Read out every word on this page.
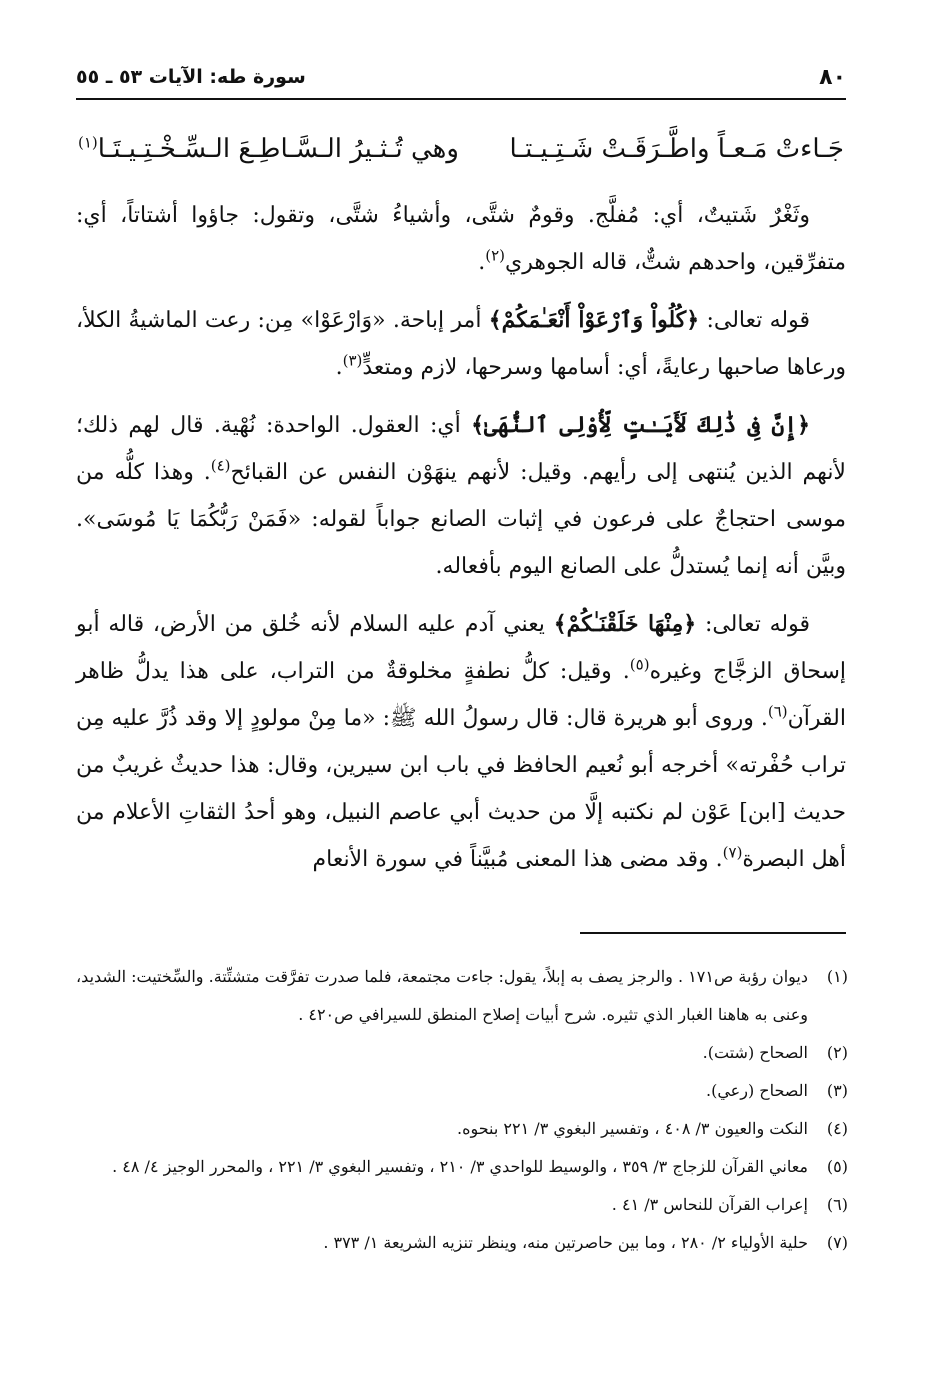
٨٠
سورة طه: الآيات ٥٣ ـ ٥٥
جَـاءتْ مَـعـاً واطَّـرَقَـتْ شَـتِـيـتـا
وهي تُـثـيرُ الـسَّـاطِـعَ الـسِّـخْـتِـيـتَـا$^{(١)}$

وثَغْرٌ شَتيتٌ، أي: مُفلَّج. وقومٌ شتَّى، وأشياءُ شتَّى، وتقول: جاؤوا أشتاتاً، أي: متفرِّقين، واحدهم شتٌّ، قاله الجوهري$^{(٢)}$.

قوله تعالى: ﴿كُلُواْ وَٱرْعَوْاْ أَنْعَـٰمَكُمْ﴾ أمر إباحة. «وَارْعَوْا» مِن: رعت الماشيةُ الكلأ، ورعاها صاحبها رعايةً، أي: أسامها وسرحها، لازم ومتعدٍّ$^{(٣)}$.

﴿إِنَّ فِى ذَٰلِكَ لَأَيَـٰتٍ لِّأُوْلِى ٱلنُّهَىٰ﴾ أي: العقول. الواحدة: نُهْية. قال لهم ذلك؛ لأنهم الذين يُنتهى إلى رأيهم. وقيل: لأنهم ينهَوْن النفس عن القبائح$^{(٤)}$. وهذا كلُّه من موسى احتجاجٌ على فرعون في إثبات الصانع جواباً لقوله: «فَمَنْ رَبُّكُمَا يَا مُوسَى». وبيَّن أنه إنما يُستدلُّ على الصانع اليوم بأفعاله.

قوله تعالى: ﴿مِنْهَا خَلَقْنَـٰكُمْ﴾ يعني آدم عليه السلام لأنه خُلق من الأرض، قاله أبو إسحاق الزجَّاج وغيره$^{(٥)}$. وقيل: كلُّ نطفةٍ مخلوقةٌ من التراب، على هذا يدلُّ ظاهر القرآن$^{(٦)}$. وروى أبو هريرة قال: قال رسولُ الله ﷺ: «ما مِنْ مولودٍ إلا وقد ذُرَّ عليه مِن تراب حُفْرته» أخرجه أبو نُعيم الحافظ في باب ابن سيرين، وقال: هذا حديثٌ غريبٌ من حديث [ابن] عَوْن لم نكتبه إلَّا من حديث أبي عاصم النبيل، وهو أحدُ الثقاتِ الأعلام من أهل البصرة$^{(٧)}$. وقد مضى هذا المعنى مُبيَّناً في سورة الأنعام

(١)
ديوان رؤبة ص١٧١ . والرجز يصف به إبلاً، يقول: جاءت مجتمعة، فلما صدرت تفرَّقت متشتِّتة. والسِّختيت: الشديد، وعنى به هاهنا الغبار الذي تثيره. شرح أبيات إصلاح المنطق للسيرافي ص٤٢٠ .
(٢)
الصحاح (شتت).
(٣)
الصحاح (رعي).
(٤)
النكت والعيون ٣/ ٤٠٨ ، وتفسير البغوي ٣/ ٢٢١ بنحوه.
(٥)
معاني القرآن للزجاج ٣/ ٣٥٩ ، والوسيط للواحدي ٣/ ٢١٠ ، وتفسير البغوي ٣/ ٢٢١ ، والمحرر الوجيز ٤/ ٤٨ .
(٦)
إعراب القرآن للنحاس ٣/ ٤١ .
(٧)
حلية الأولياء ٢/ ٢٨٠ ، وما بين حاصرتين منه، وينظر تنزيه الشريعة ١/ ٣٧٣ .
